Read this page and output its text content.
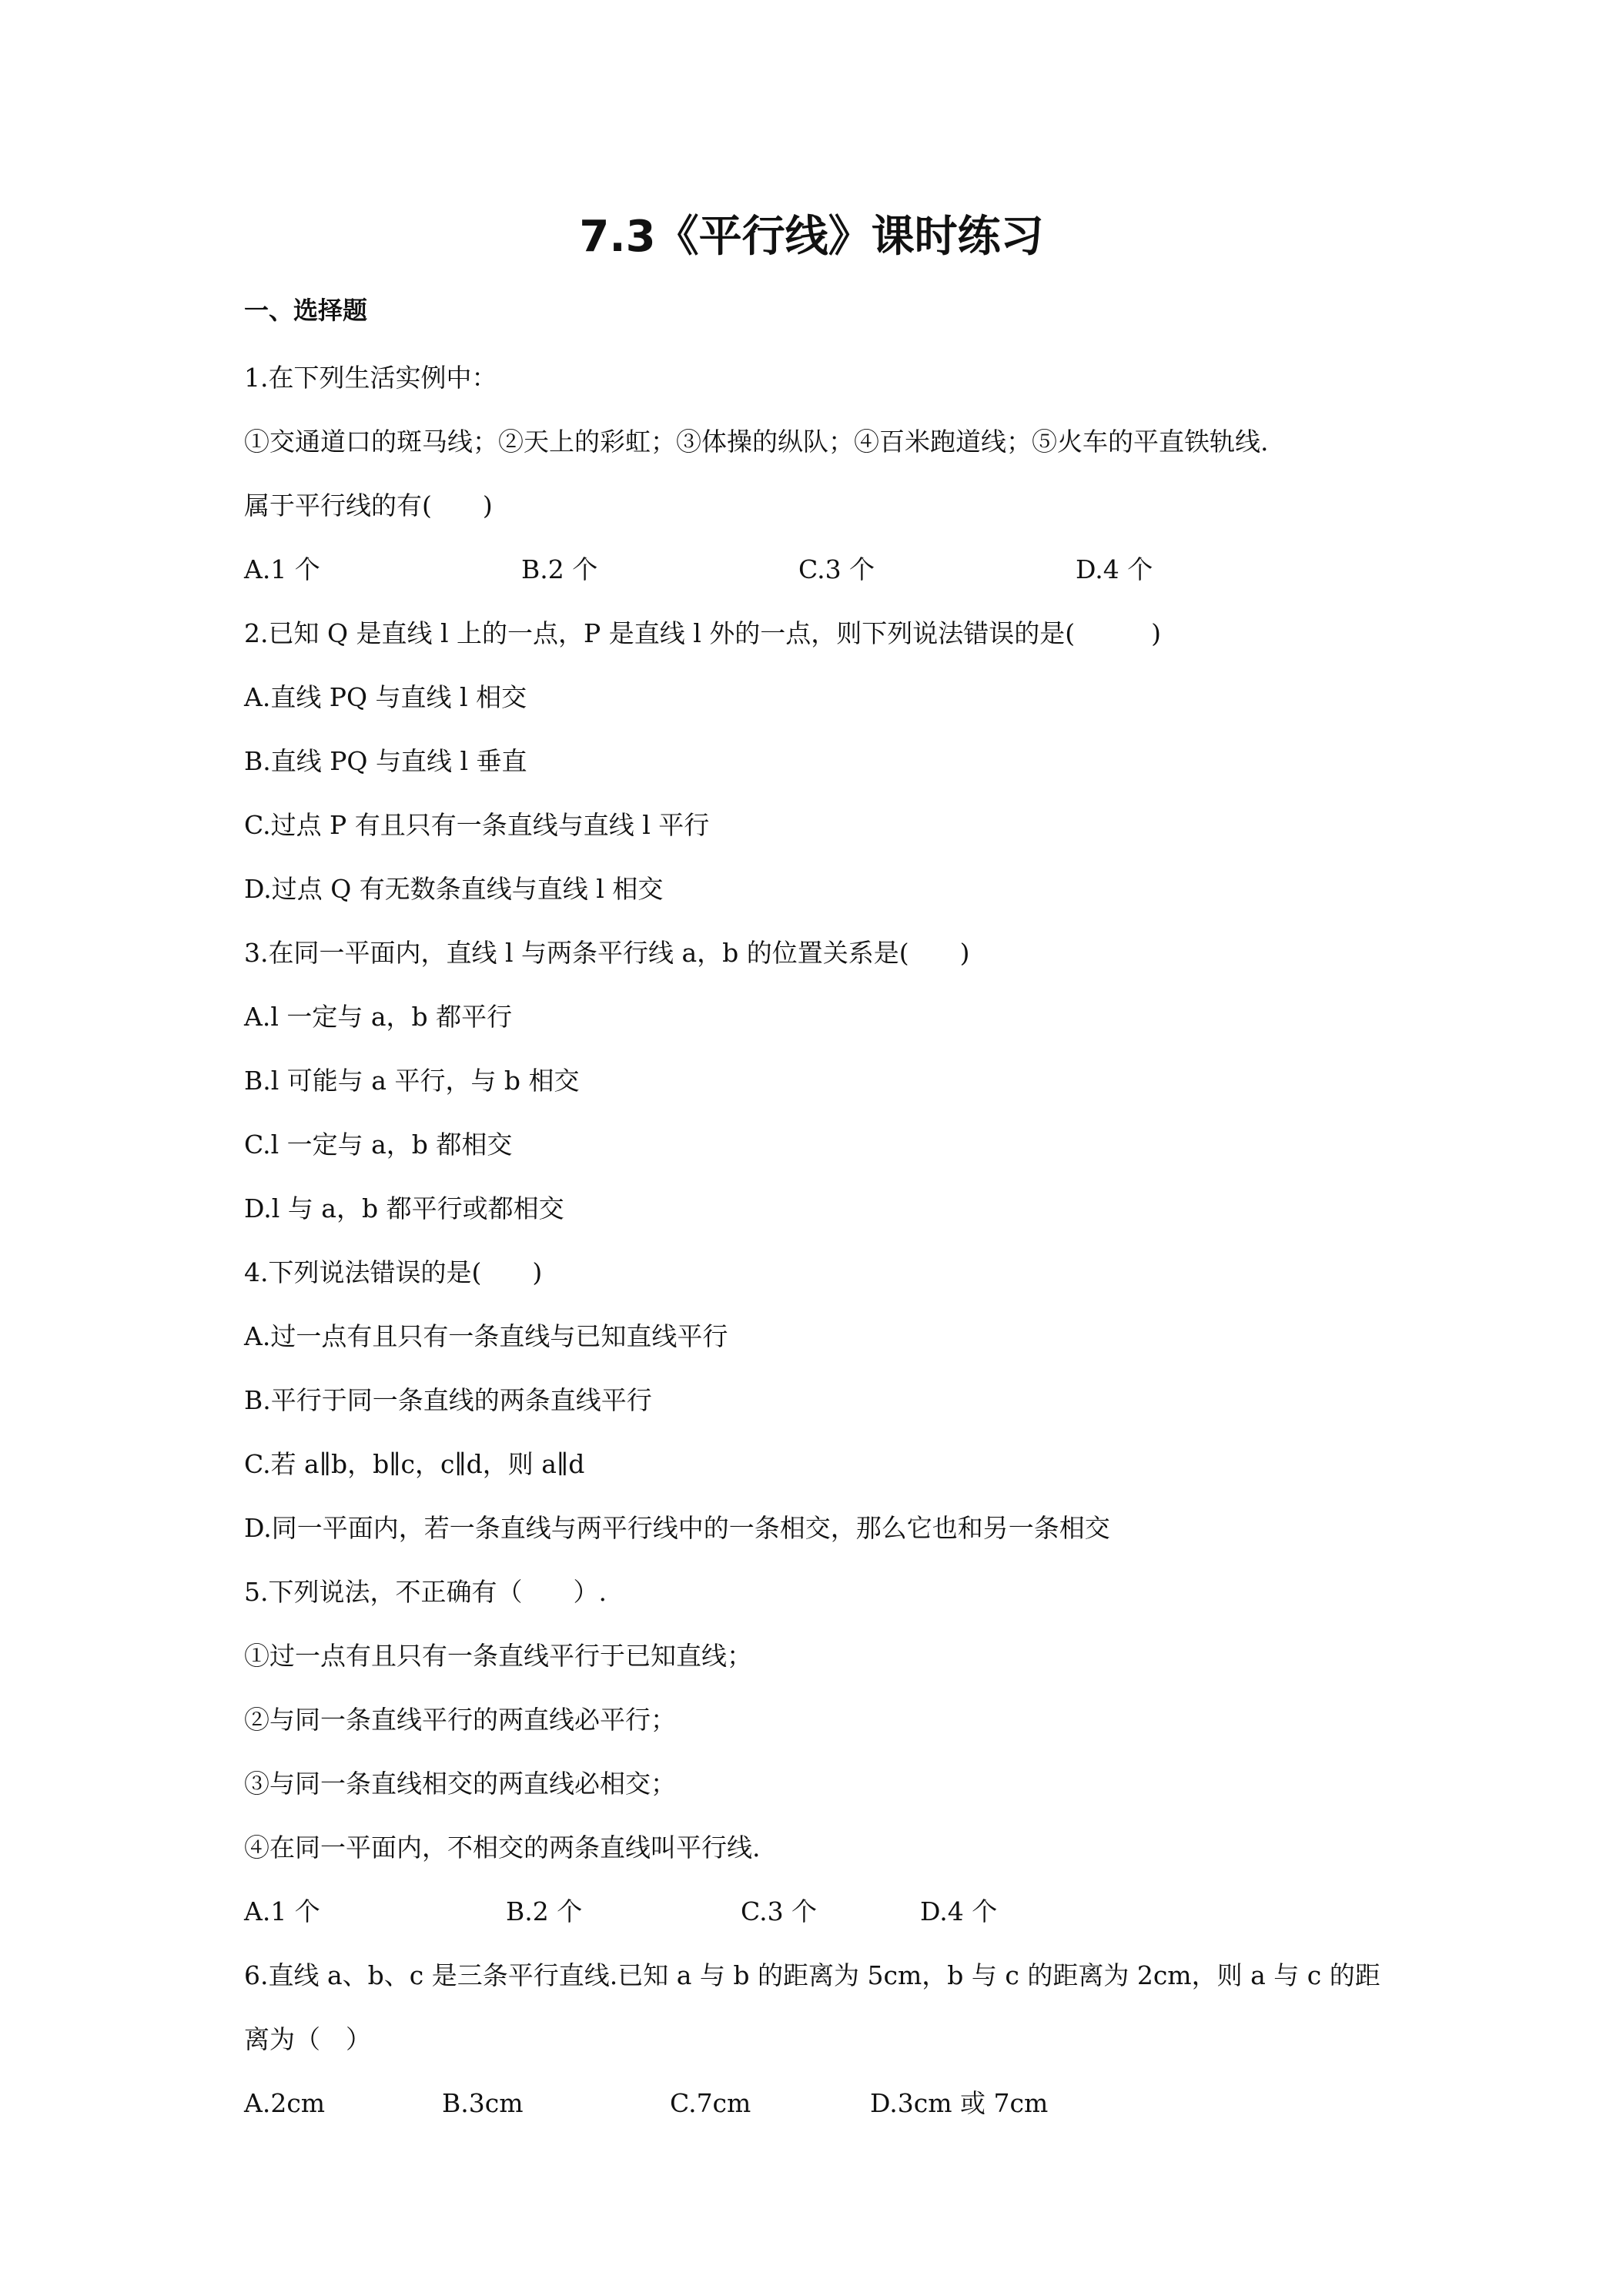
7.3《平行线》课时练习
一、选择题
1.在下列生活实例中：
①交通道口的斑马线；②天上的彩虹；③体操的纵队；④百米跑道线；⑤火车的平直铁轨线.
属于平行线的有(　　)
A.1 个	B.2 个	C.3 个	D.4 个
2.已知 Q 是直线 l 上的一点，P 是直线 l 外的一点，则下列说法错误的是(　　　)
A.直线 PQ 与直线 l 相交
B.直线 PQ 与直线 l 垂直
C.过点 P 有且只有一条直线与直线 l 平行
D.过点 Q 有无数条直线与直线 l 相交
3.在同一平面内，直线 l 与两条平行线 a，b 的位置关系是(　　)
A.l 一定与 a，b 都平行
B.l 可能与 a 平行，与 b 相交
C.l 一定与 a，b 都相交
D.l 与 a，b 都平行或都相交
4.下列说法错误的是(　　)
A.过一点有且只有一条直线与已知直线平行
B.平行于同一条直线的两条直线平行
C.若 a∥b，b∥c，c∥d，则 a∥d
D.同一平面内，若一条直线与两平行线中的一条相交，那么它也和另一条相交
5.下列说法，不正确有（　　）.
①过一点有且只有一条直线平行于已知直线；
②与同一条直线平行的两直线必平行；
③与同一条直线相交的两直线必相交；
④在同一平面内，不相交的两条直线叫平行线.
A.1 个	B.2 个	C.3 个	D.4 个
6.直线 a、b、c 是三条平行直线.已知 a 与 b 的距离为 5cm，b 与 c 的距离为 2cm，则 a 与 c 的距
离为（　）
A.2cm	B.3cm	C.7cm	D.3cm 或 7cm
